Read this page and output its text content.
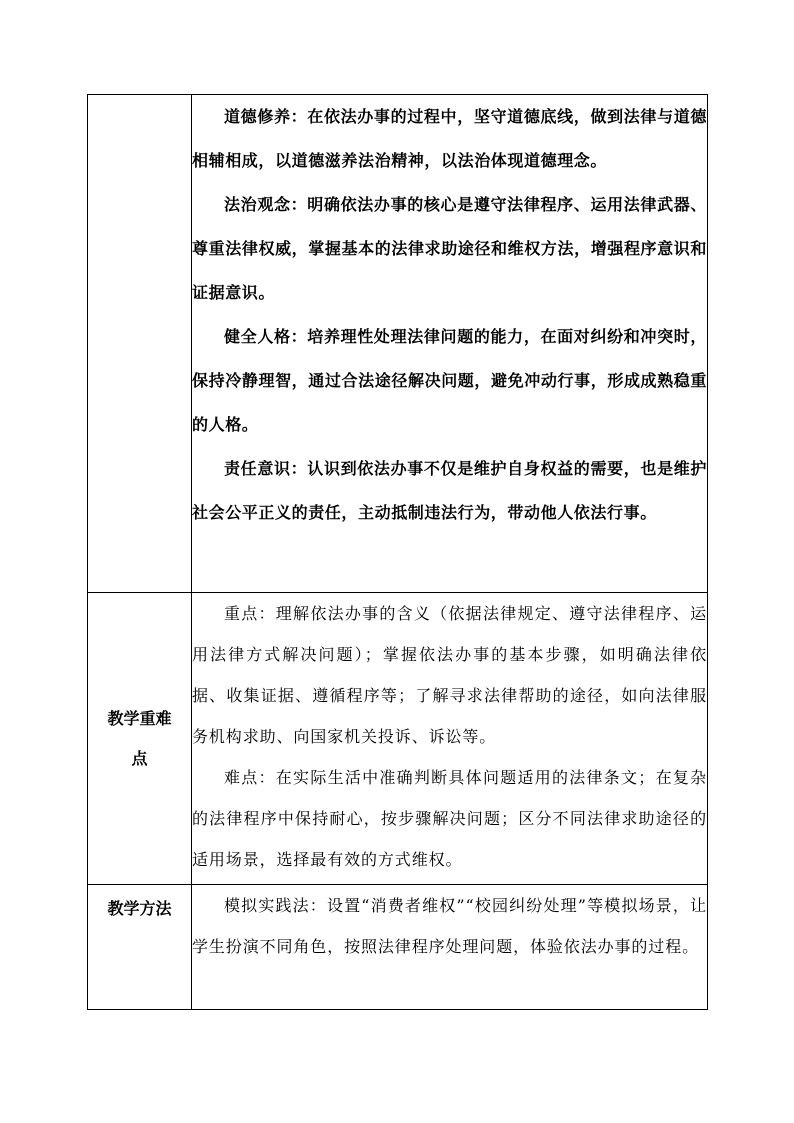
	道德修养：在依法办事的过程中，坚守道德底线，做到法律与道德相辅相成，以道德滋养法治精神，以法治体现道德理念。

法治观念：明确依法办事的核心是遵守法律程序、运用法律武器、尊重法律权威，掌握基本的法律求助途径和维权方法，增强程序意识和证据意识。

健全人格：培养理性处理法律问题的能力，在面对纠纷和冲突时，保持冷静理智，通过合法途径解决问题，避免冲动行事，形成成熟稳重的人格。

责任意识：认识到依法办事不仅是维护自身权益的需要，也是维护社会公平正义的责任，主动抵制违法行为，带动他人依法行事。

教学重难点	重点：理解依法办事的含义（依据法律规定、遵守法律程序、运用法律方式解决问题）；掌握依法办事的基本步骤，如明确法律依据、收集证据、遵循程序等；了解寻求法律帮助的途径，如向法律服务机构求助、向国家机关投诉、诉讼等。

难点：在实际生活中准确判断具体问题适用的法律条文；在复杂的法律程序中保持耐心，按步骤解决问题；区分不同法律求助途径的适用场景，选择最有效的方式维权。

教学方法	模拟实践法：设置“消费者维权”“校园纠纷处理”等模拟场景，让学生扮演不同角色，按照法律程序处理问题，体验依法办事的过程。
